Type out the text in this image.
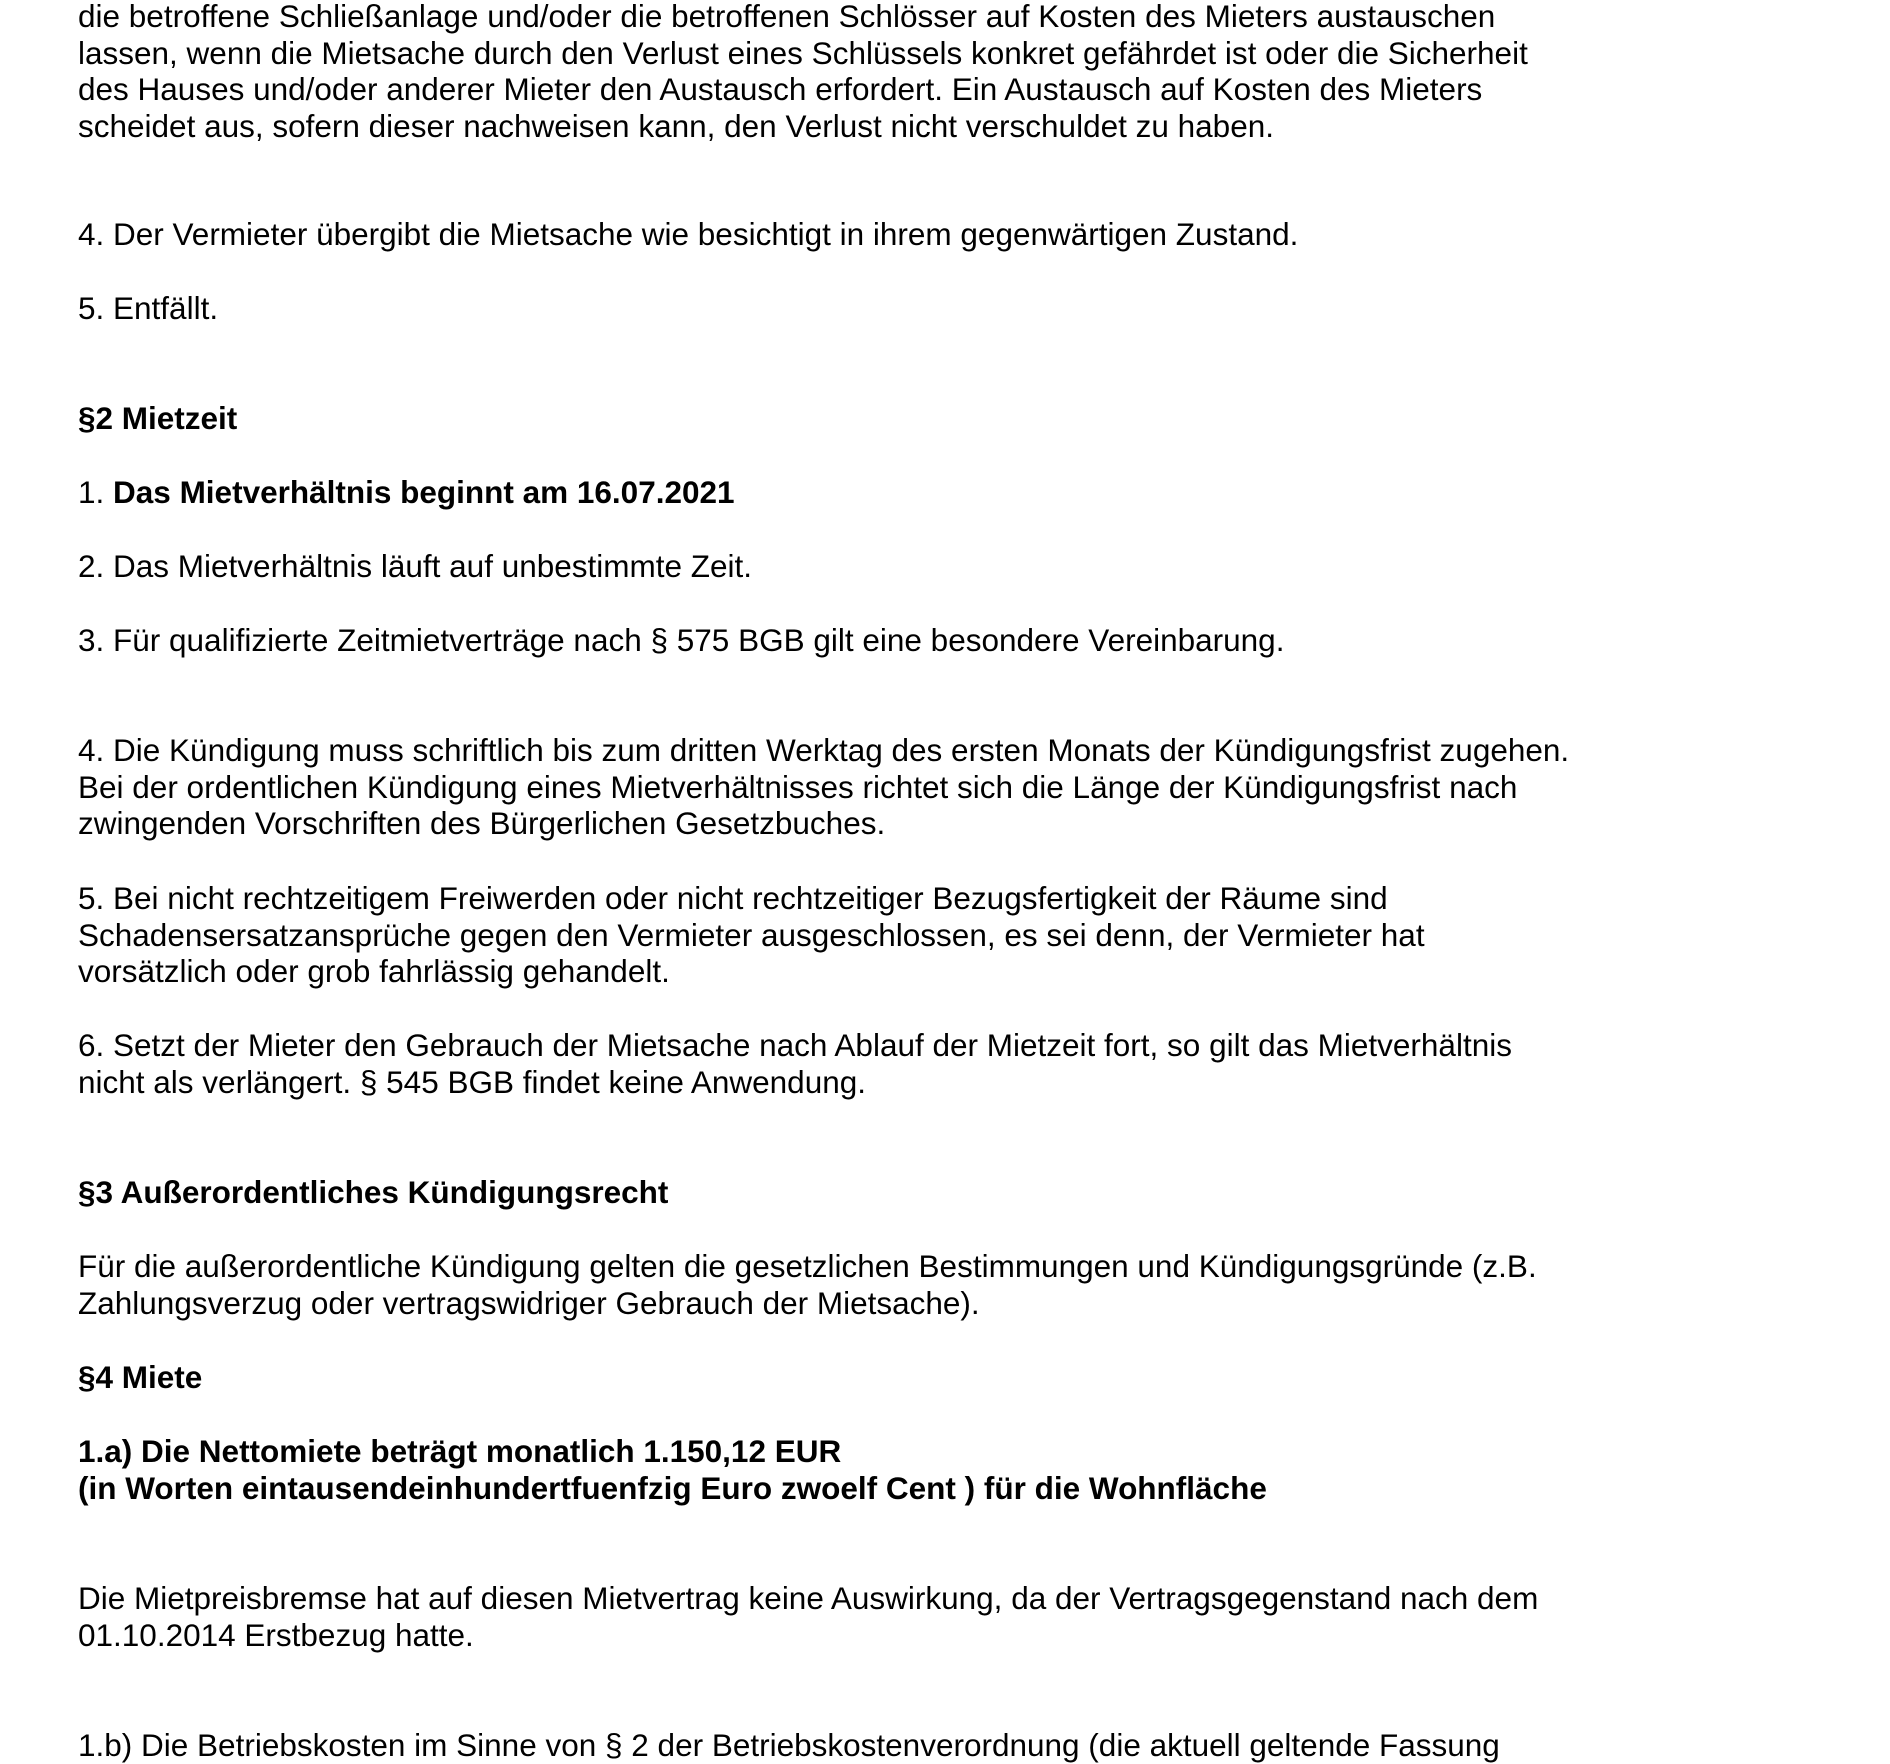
die betroffene Schließanlage und/oder die betroffenen Schlösser auf Kosten des Mieters austauschen
lassen, wenn die Mietsache durch den Verlust eines Schlüssels konkret gefährdet ist oder die Sicherheit
des Hauses und/oder anderer Mieter den Austausch erfordert. Ein Austausch auf Kosten des Mieters
scheidet aus, sofern dieser nachweisen kann, den Verlust nicht verschuldet zu haben.

4. Der Vermieter übergibt die Mietsache wie besichtigt in ihrem gegenwärtigen Zustand.

5. Entfällt.

§2 Mietzeit

1. Das Mietverhältnis beginnt am 16.07.2021

2. Das Mietverhältnis läuft auf unbestimmte Zeit.

3. Für qualifizierte Zeitmietverträge nach § 575 BGB gilt eine besondere Vereinbarung.

4. Die Kündigung muss schriftlich bis zum dritten Werktag des ersten Monats der Kündigungsfrist zugehen.
Bei der ordentlichen Kündigung eines Mietverhältnisses richtet sich die Länge der Kündigungsfrist nach
zwingenden Vorschriften des Bürgerlichen Gesetzbuches.

5. Bei nicht rechtzeitigem Freiwerden oder nicht rechtzeitiger Bezugsfertigkeit der Räume sind
Schadensersatzansprüche gegen den Vermieter ausgeschlossen, es sei denn, der Vermieter hat
vorsätzlich oder grob fahrlässig gehandelt.

6. Setzt der Mieter den Gebrauch der Mietsache nach Ablauf der Mietzeit fort, so gilt das Mietverhältnis
nicht als verlängert. § 545 BGB findet keine Anwendung.

§3 Außerordentliches Kündigungsrecht

Für die außerordentliche Kündigung gelten die gesetzlichen Bestimmungen und Kündigungsgründe (z.B.
Zahlungsverzug oder vertragswidriger Gebrauch der Mietsache).

§4 Miete

1.a) Die Nettomiete beträgt monatlich 1.150,12 EUR
(in Worten eintausendeinhundertfuenfzig Euro zwoelf Cent ) für die Wohnfläche

Die Mietpreisbremse hat auf diesen Mietvertrag keine Auswirkung, da der Vertragsgegenstand nach dem
01.10.2014 Erstbezug hatte.

1.b) Die Betriebskosten im Sinne von § 2 der Betriebskostenverordnung (die aktuell geltende Fassung
